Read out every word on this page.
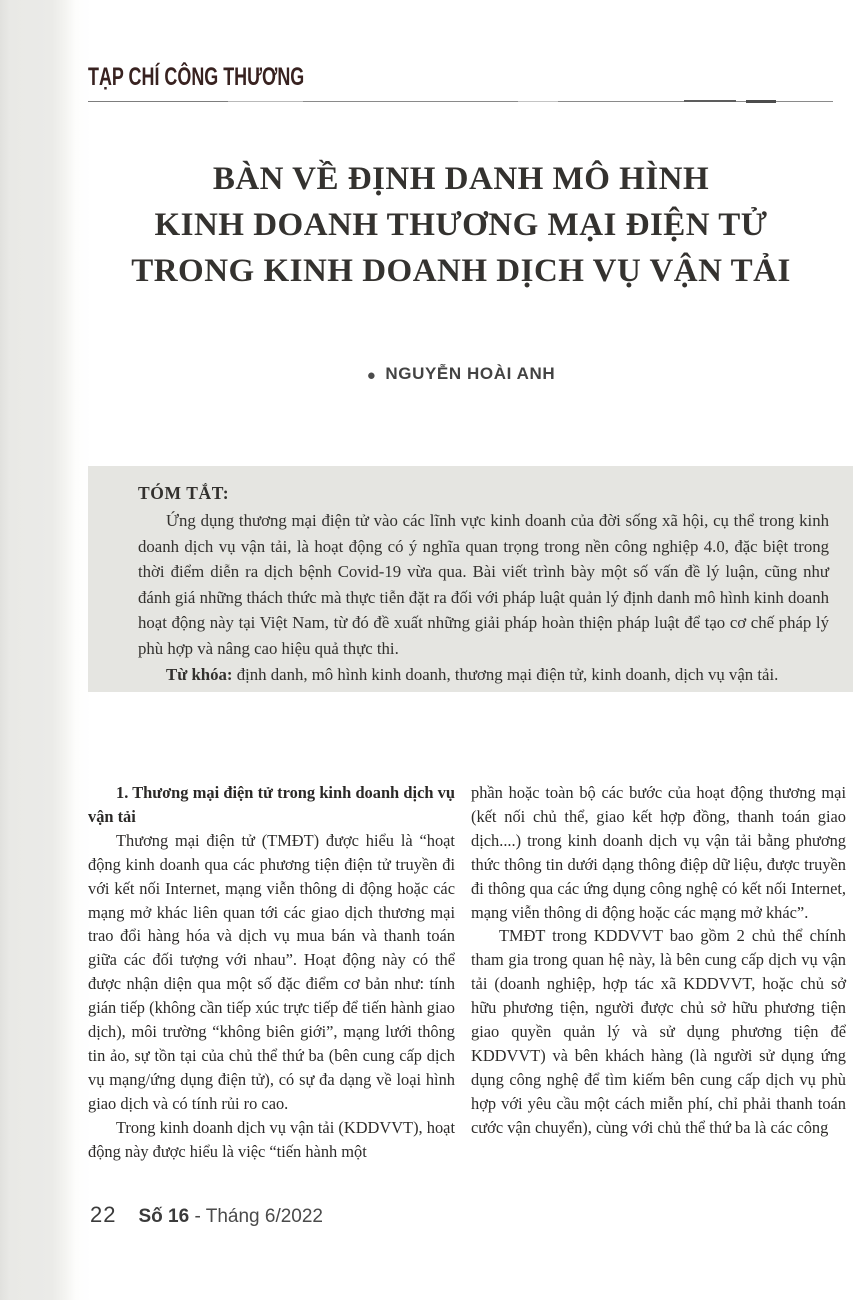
TẠP CHÍ CÔNG THƯƠNG
BÀN VỀ ĐỊNH DANH MÔ HÌNH
KINH DOANH THƯƠNG MẠI ĐIỆN TỬ
TRONG KINH DOANH DỊCH VỤ VẬN TẢI
● NGUYỄN HOÀI ANH
TÓM TẮT:

Ứng dụng thương mại điện tử vào các lĩnh vực kinh doanh của đời sống xã hội, cụ thể trong kinh doanh dịch vụ vận tải, là hoạt động có ý nghĩa quan trọng trong nền công nghiệp 4.0, đặc biệt trong thời điểm diễn ra dịch bệnh Covid-19 vừa qua. Bài viết trình bày một số vấn đề lý luận, cũng như đánh giá những thách thức mà thực tiễn đặt ra đối với pháp luật quản lý định danh mô hình kinh doanh hoạt động này tại Việt Nam, từ đó đề xuất những giải pháp hoàn thiện pháp luật để tạo cơ chế pháp lý phù hợp và nâng cao hiệu quả thực thi.

Từ khóa: định danh, mô hình kinh doanh, thương mại điện tử, kinh doanh, dịch vụ vận tải.

1. Thương mại điện tử trong kinh doanh dịch vụ vận tải

Thương mại điện tử (TMĐT) được hiểu là “hoạt động kinh doanh qua các phương tiện điện tử truyền đi với kết nối Internet, mạng viễn thông di động hoặc các mạng mở khác liên quan tới các giao dịch thương mại trao đổi hàng hóa và dịch vụ mua bán và thanh toán giữa các đối tượng với nhau”. Hoạt động này có thể được nhận diện qua một số đặc điểm cơ bản như: tính gián tiếp (không cần tiếp xúc trực tiếp để tiến hành giao dịch), môi trường “không biên giới”, mạng lưới thông tin ảo, sự tồn tại của chủ thể thứ ba (bên cung cấp dịch vụ mạng/ứng dụng điện tử), có sự đa dạng về loại hình giao dịch và có tính rủi ro cao.

Trong kinh doanh dịch vụ vận tải (KDDVVT), hoạt động này được hiểu là việc “tiến hành một

phần hoặc toàn bộ các bước của hoạt động thương mại (kết nối chủ thể, giao kết hợp đồng, thanh toán giao dịch....) trong kinh doanh dịch vụ vận tải bằng phương thức thông tin dưới dạng thông điệp dữ liệu, được truyền đi thông qua các ứng dụng công nghệ có kết nối Internet, mạng viễn thông di động hoặc các mạng mở khác”.

TMĐT trong KDDVVT bao gồm 2 chủ thể chính tham gia trong quan hệ này, là bên cung cấp dịch vụ vận tải (doanh nghiệp, hợp tác xã KDDVVT, hoặc chủ sở hữu phương tiện, người được chủ sở hữu phương tiện giao quyền quản lý và sử dụng phương tiện để KDDVVT) và bên khách hàng (là người sử dụng ứng dụng công nghệ để tìm kiếm bên cung cấp dịch vụ phù hợp với yêu cầu một cách miễn phí, chỉ phải thanh toán cước vận chuyển), cùng với chủ thể thứ ba là các công

22 Số 16 - Tháng 6/2022
